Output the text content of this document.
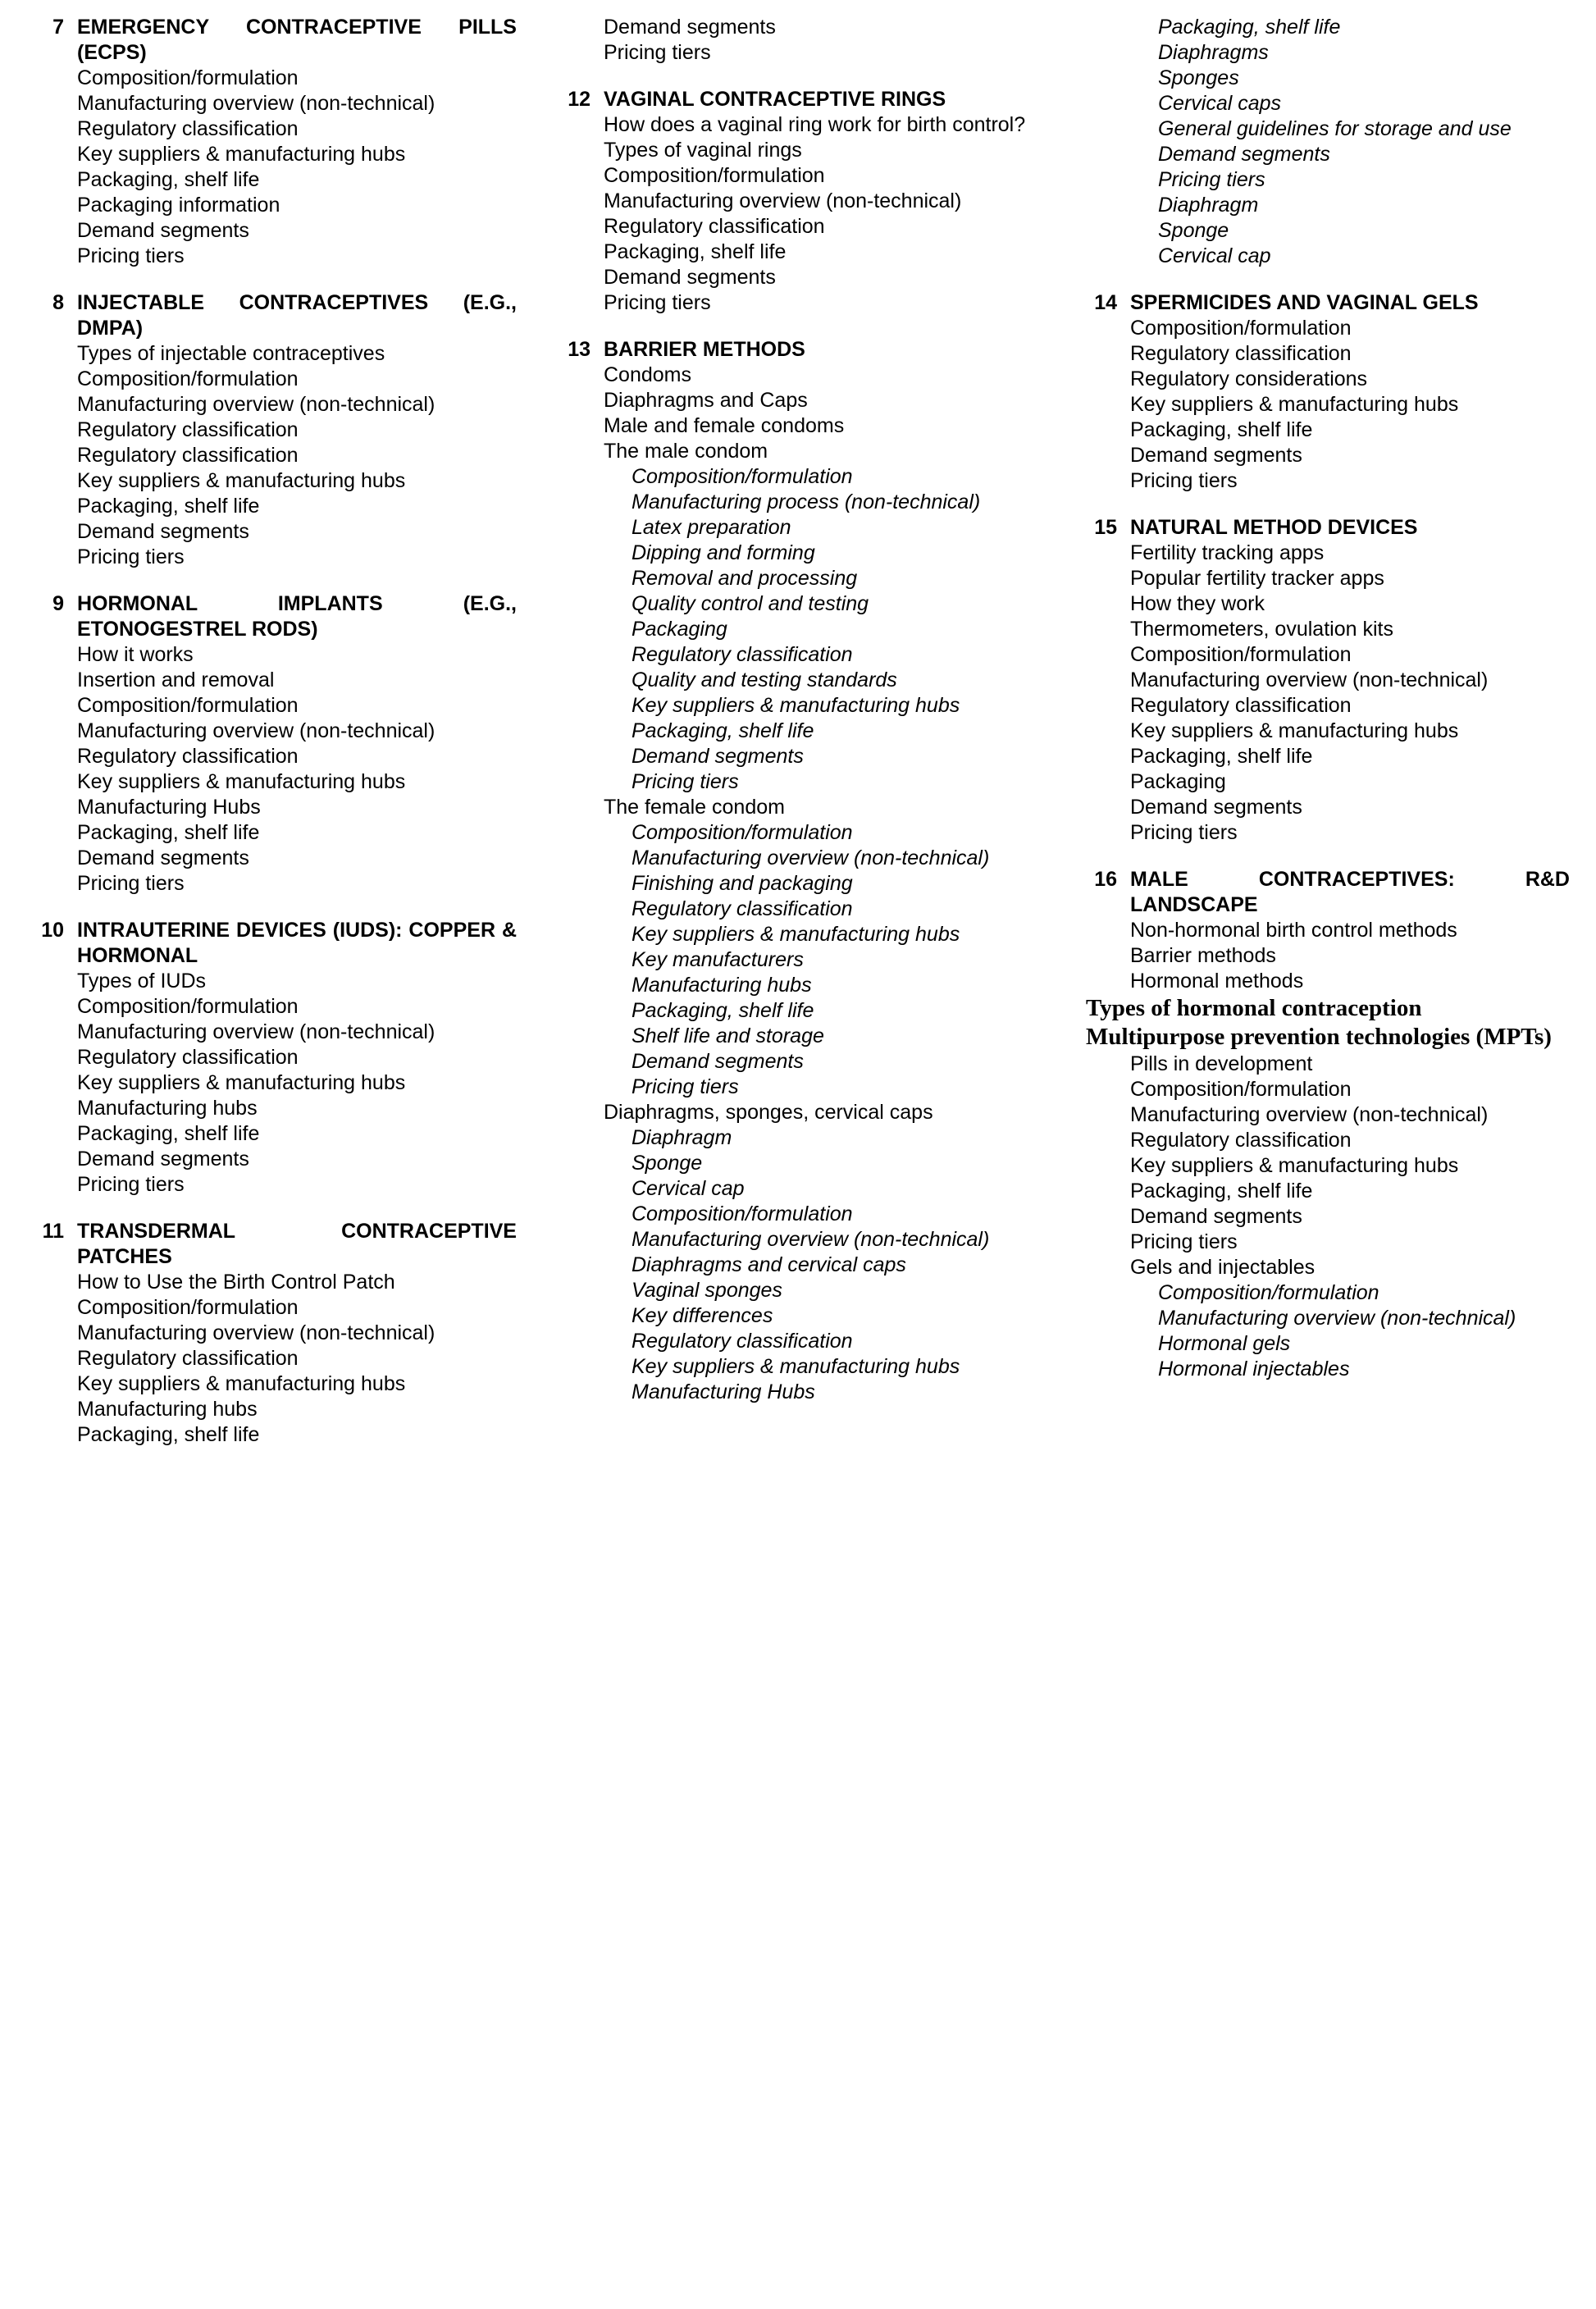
7 EMERGENCY CONTRACEPTIVE PILLS (ECPS)
Composition/formulation
Manufacturing overview (non-technical)
Regulatory classification
Key suppliers & manufacturing hubs
Packaging, shelf life
Packaging information
Demand segments
Pricing tiers
8 INJECTABLE CONTRACEPTIVES (E.G., DMPA)
Types of injectable contraceptives
Composition/formulation
Manufacturing overview (non-technical)
Regulatory classification
Regulatory classification
Key suppliers & manufacturing hubs
Packaging, shelf life
Demand segments
Pricing tiers
9 HORMONAL IMPLANTS (E.G., ETONOGESTREL RODS)
How it works
Insertion and removal
Composition/formulation
Manufacturing overview (non-technical)
Regulatory classification
Key suppliers & manufacturing hubs
Manufacturing Hubs
Packaging, shelf life
Demand segments
Pricing tiers
10 INTRAUTERINE DEVICES (IUDS): COPPER & HORMONAL
Types of IUDs
Composition/formulation
Manufacturing overview (non-technical)
Regulatory classification
Key suppliers & manufacturing hubs
Manufacturing hubs
Packaging, shelf life
Demand segments
Pricing tiers
11 TRANSDERMAL CONTRACEPTIVE PATCHES
How to Use the Birth Control Patch
Composition/formulation
Manufacturing overview (non-technical)
Regulatory classification
Key suppliers & manufacturing hubs
Manufacturing hubs
Packaging, shelf life
Demand segments
Pricing tiers
12 VAGINAL CONTRACEPTIVE RINGS
How does a vaginal ring work for birth control?
Types of vaginal rings
Composition/formulation
Manufacturing overview (non-technical)
Regulatory classification
Packaging, shelf life
Demand segments
Pricing tiers
13 BARRIER METHODS
Condoms
Diaphragms and Caps
Male and female condoms
The male condom
Composition/formulation
Manufacturing process (non-technical)
Latex preparation
Dipping and forming
Removal and processing
Quality control and testing
Packaging
Regulatory classification
Quality and testing standards
Key suppliers & manufacturing hubs
Packaging, shelf life
Demand segments
Pricing tiers
The female condom
Composition/formulation
Manufacturing overview (non-technical)
Finishing and packaging
Regulatory classification
Key suppliers & manufacturing hubs
Key manufacturers
Manufacturing hubs
Packaging, shelf life
Shelf life and storage
Demand segments
Pricing tiers
Diaphragms, sponges, cervical caps
Diaphragm
Sponge
Cervical cap
Composition/formulation
Manufacturing overview (non-technical)
Diaphragms and cervical caps
Vaginal sponges
Key differences
Regulatory classification
Key suppliers & manufacturing hubs
Manufacturing Hubs
Packaging, shelf life
Diaphragms
Sponges
Cervical caps
General guidelines for storage and use
Demand segments
Pricing tiers
Diaphragm
Sponge
Cervical cap
14 SPERMICIDES AND VAGINAL GELS
Composition/formulation
Regulatory classification
Regulatory considerations
Key suppliers & manufacturing hubs
Packaging, shelf life
Demand segments
Pricing tiers
15 NATURAL METHOD DEVICES
Fertility tracking apps
Popular fertility tracker apps
How they work
Thermometers, ovulation kits
Composition/formulation
Manufacturing overview (non-technical)
Regulatory classification
Key suppliers & manufacturing hubs
Packaging, shelf life
Packaging
Demand segments
Pricing tiers
16 MALE CONTRACEPTIVES: R&D LANDSCAPE
Non-hormonal birth control methods
Barrier methods
Hormonal methods
Types of hormonal contraception
Multipurpose prevention technologies (MPTs)
Pills in development
Composition/formulation
Manufacturing overview (non-technical)
Regulatory classification
Key suppliers & manufacturing hubs
Packaging, shelf life
Demand segments
Pricing tiers
Gels and injectables
Composition/formulation
Manufacturing overview (non-technical)
Hormonal gels
Hormonal injectables
